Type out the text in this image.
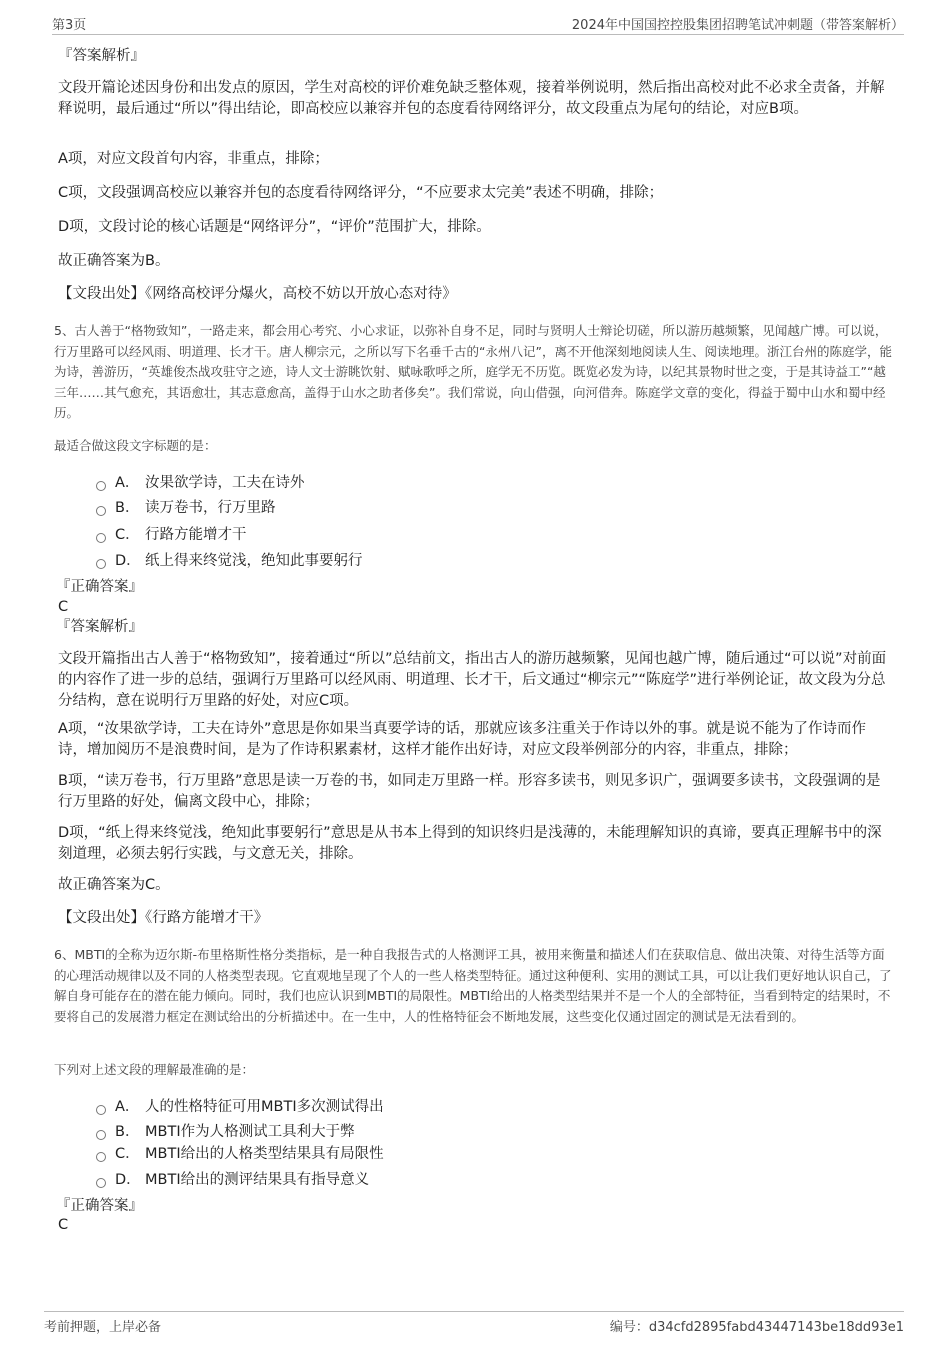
第3页	2024年中国国控控股集团招聘笔试冲刺题（带答案解析）
『答案解析』
文段开篇论述因身份和出发点的原因，学生对高校的评价难免缺乏整体观，接着举例说明，然后指出高校对此不必求全责备，并解释说明，最后通过“所以”得出结论，即高校应以兼容并包的态度看待网络评分，故文段重点为尾句的结论，对应B项。
A项，对应文段首句内容，非重点，排除；
C项，文段强调高校应以兼容并包的态度看待网络评分，“不应要求太完美”表述不明确，排除；
D项，文段讨论的核心话题是“网络评分”，“评价”范围扩大，排除。
故正确答案为B。
【文段出处】《网络高校评分爆火，高校不妨以开放心态对待》
5、古人善于“格物致知”，一路走来，都会用心考究、小心求证，以弥补自身不足，同时与贤明人士辩论切磋，所以游历越频繁，见闻越广博。可以说，行万里路可以经风雨、明道理、长才干。唐人柳宗元，之所以写下名垂千古的“永州八记”，离不开他深刻地阅读人生、阅读地理。浙江台州的陈庭学，能为诗，善游历，“英雄俊杰战攻驻守之迹，诗人文士游眺饮射、赋咏歌呼之所，庭学无不历览。既览必发为诗，以纪其景物时世之变，于是其诗益工”“越三年……其气愈充，其语愈壮，其志意愈高，盖得于山水之助者侈矣”。我们常说，向山借强，向河借奔。陈庭学文章的变化，得益于蜀中山水和蜀中经历。
最适合做这段文字标题的是：
A． 汝果欲学诗，工夫在诗外
B． 读万卷书，行万里路
C． 行路方能增才干
D． 纸上得来终觉浅，绝知此事要躬行
『正确答案』
C
『答案解析』
文段开篇指出古人善于“格物致知”，接着通过“所以”总结前文，指出古人的游历越频繁，见闻也越广博，随后通过“可以说”对前面的内容作了进一步的总结，强调行万里路可以经风雨、明道理、长才干，后文通过“柳宗元”“陈庭学”进行举例论证，故文段为分总分结构，意在说明行万里路的好处，对应C项。
A项，“汝果欲学诗，工夫在诗外”意思是你如果当真要学诗的话，那就应该多注重关于作诗以外的事。就是说不能为了作诗而作诗，增加阅历不是浪费时间，是为了作诗积累素材，这样才能作出好诗，对应文段举例部分的内容，非重点，排除；
B项，“读万卷书，行万里路”意思是读一万卷的书，如同走万里路一样。形容多读书，则见多识广，强调要多读书，文段强调的是行万里路的好处，偏离文段中心，排除；
D项，“纸上得来终觉浅，绝知此事要躬行”意思是从书本上得到的知识终归是浅薄的，未能理解知识的真谛，要真正理解书中的深刻道理，必须去躬行实践，与文意无关，排除。
故正确答案为C。
【文段出处】《行路方能增才干》
6、MBTI的全称为迈尔斯-布里格斯性格分类指标，是一种自我报告式的人格测评工具，被用来衡量和描述人们在获取信息、做出决策、对待生活等方面的心理活动规律以及不同的人格类型表现。它直观地呈现了个人的一些人格类型特征。通过这种便利、实用的测试工具，可以让我们更好地认识自己，了解自身可能存在的潜在能力倾向。同时，我们也应认识到MBTI的局限性。MBTI给出的人格类型结果并不是一个人的全部特征，当看到特定的结果时，不要将自己的发展潜力框定在测试给出的分析描述中。在一生中，人的性格特征会不断地发展，这些变化仅通过固定的测试是无法看到的。
下列对上述文段的理解最准确的是：
A． 人的性格特征可用MBTI多次测试得出
B． MBTI作为人格测试工具利大于弊
C． MBTI给出的人格类型结果具有局限性
D． MBTI给出的测评结果具有指导意义
『正确答案』
C
考前押题，上岸必备	编号：d34cfd2895fabd43447143be18dd93e1
